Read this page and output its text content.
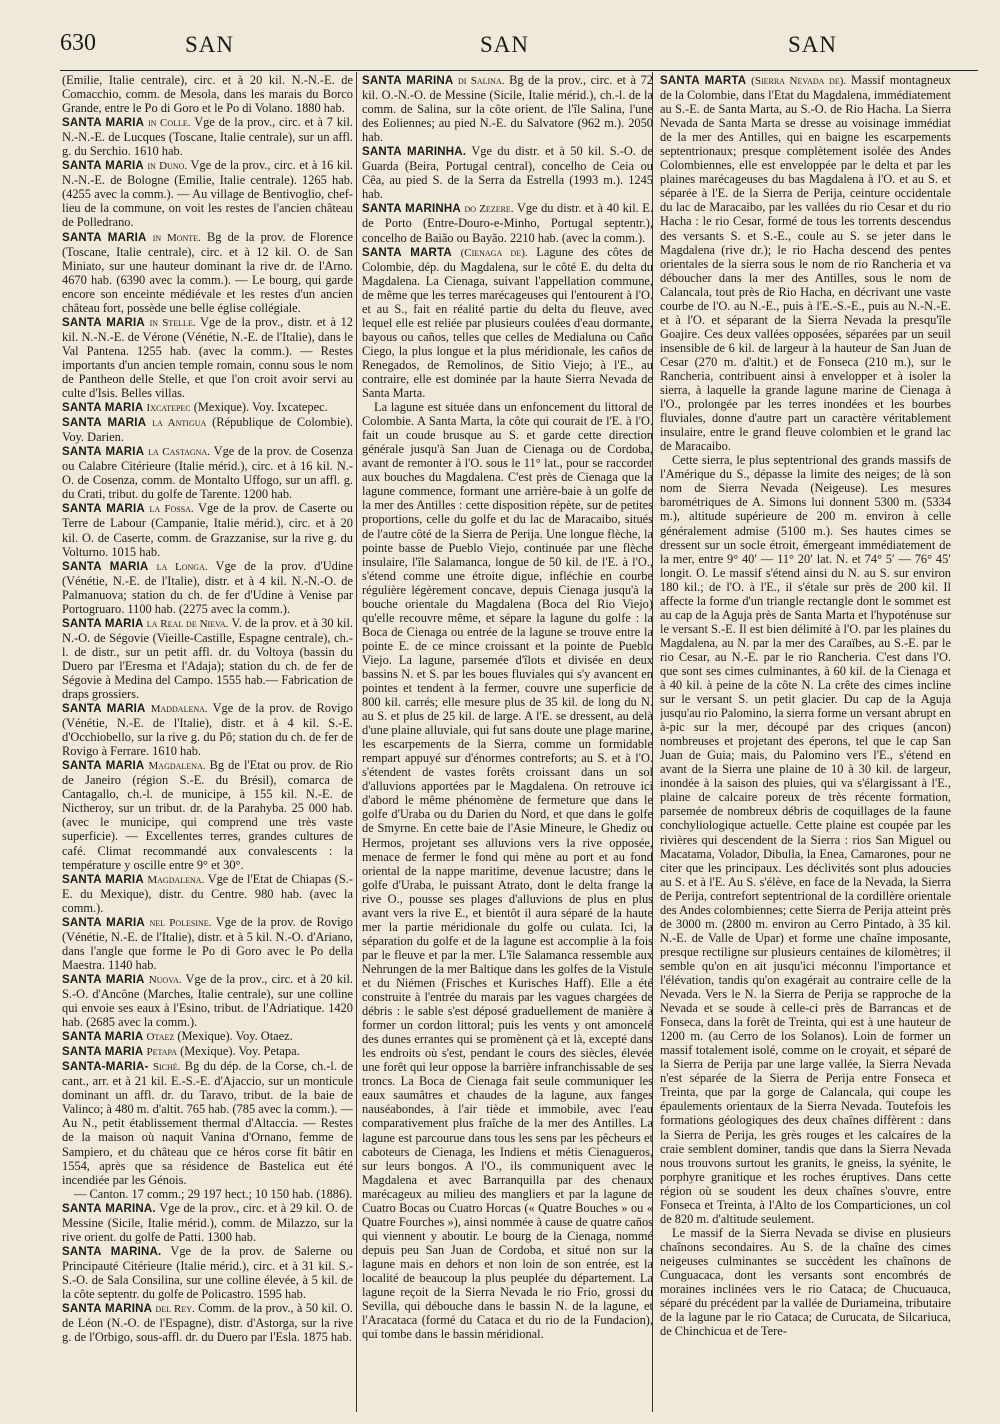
630	SAN	SAN	SAN

(Emilie, Italie centrale), circ. et à 20 kil. N.-N.-E. de Comacchio, comm. de Mesola, dans les marais du Borco Grande, entre le Po di Goro et le Po di Volano. 1880 hab.

SANTA MARIA in Colle. Vge de la prov., circ. et à 7 kil. N.-N.-E. de Lucques (Toscane, Italie centrale), sur un affl. g. du Serchio. 1610 hab.

SANTA MARIA in Duno. Vge de la prov., circ. et à 16 kil. N.-N.-E. de Bologne (Emilie, Italie centrale). 1265 hab. (4255 avec la comm.). — Au village de Bentivoglio, chef-lieu de la commune, on voit les restes de l'ancien château de Polledrano.

SANTA MARIA in Monte. Bg de la prov. de Florence (Toscane, Italie centrale), circ. et à 12 kil. O. de San Miniato, sur une hauteur dominant la rive dr. de l'Arno. 4670 hab. (6390 avec la comm.). — Le bourg, qui garde encore son enceinte médiévale et les restes d'un ancien château fort, possède une belle église collégiale.

SANTA MARIA in Stelle. Vge de la prov., distr. et à 12 kil. N.-N.-E. de Vérone (Vénétie, N.-E. de l'Italie), dans le Val Pantena. 1255 hab. (avec la comm.). — Restes importants d'un ancien temple romain, connu sous le nom de Pantheon delle Stelle, et que l'on croit avoir servi au culte d'Isis. Belles villas.

SANTA MARIA Ixcatepec (Mexique). Voy. Ixcatepec.

SANTA MARIA la Antigua (République de Colombie). Voy. Darien.

SANTA MARIA la Castagna. Vge de la prov. de Cosenza ou Calabre Citérieure (Italie mérid.), circ. et à 16 kil. N.-O. de Cosenza, comm. de Montalto Uffogo, sur un affl. g. du Crati, tribut. du golfe de Tarente. 1200 hab.

SANTA MARIA la Fossa. Vge de la prov. de Caserte ou Terre de Labour (Campanie, Italie mérid.), circ. et à 20 kil. O. de Caserte, comm. de Grazzanise, sur la rive g. du Volturno. 1015 hab.

SANTA MARIA la Longa. Vge de la prov. d'Udine (Vénétie, N.-E. de l'Italie), distr. et à 4 kil. N.-N.-O. de Palmanuova; station du ch. de fer d'Udine à Venise par Portogruaro. 1100 hab. (2275 avec la comm.).

SANTA MARIA la Real de Nieva. V. de la prov. et à 30 kil. N.-O. de Ségovie (Vieille-Castille, Espagne centrale), ch.-l. de distr., sur un petit affl. dr. du Voltoya (bassin du Duero par l'Eresma et l'Adaja); station du ch. de fer de Ségovie à Medina del Campo. 1555 hab.— Fabrication de draps grossiers.

SANTA MARIA Maddalena. Vge de la prov. de Rovigo (Vénétie, N.-E. de l'Italie), distr. et à 4 kil. S.-E. d'Occhiobello, sur la rive g. du Pô; station du ch. de fer de Rovigo à Ferrare. 1610 hab.

SANTA MARIA Magdalena. Bg de l'Etat ou prov. de Rio de Janeiro (région S.-E. du Brésil), comarca de Cantagallo, ch.-l. de municipe, à 155 kil. N.-E. de Nictheroy, sur un tribut. dr. de la Parahyba. 25 000 hab. (avec le municipe, qui comprend une très vaste superficie). — Excellentes terres, grandes cultures de café. Climat recommandé aux convalescents : la température y oscille entre 9° et 30°.

SANTA MARIA Magdalena. Vge de l'Etat de Chiapas (S.-E. du Mexique), distr. du Centre. 980 hab. (avec la comm.).

SANTA MARIA nel Polesine. Vge de la prov. de Rovigo (Vénétie, N.-E. de l'Italie), distr. et à 5 kil. N.-O. d'Ariano, dans l'angle que forme le Po di Goro avec le Po della Maestra. 1140 hab.

SANTA MARIA Nuova. Vge de la prov., circ. et à 20 kil. S.-O. d'Ancône (Marches, Italie centrale), sur une colline qui envoie ses eaux à l'Esino, tribut. de l'Adriatique. 1420 hab. (2685 avec la comm.).

SANTA MARIA Otaez (Mexique). Voy. Otaez.

SANTA MARIA Petapa (Mexique). Voy. Petapa.

SANTA-MARIA- Siché. Bg du dép. de la Corse, ch.-l. de cant., arr. et à 21 kil. E.-S.-E. d'Ajaccio, sur un monticule dominant un affl. dr. du Taravo, tribut. de la baie de Valinco; à 480 m. d'altit. 765 hab. (785 avec la comm.). — Au N., petit établissement thermal d'Altaccia. — Restes de la maison où naquit Vanina d'Ornano, femme de Sampiero, et du château que ce héros corse fit bâtir en 1554, après que sa résidence de Bastelica eut été incendiée par les Génois.

— Canton. 17 comm.; 29 197 hect.; 10 150 hab. (1886).

SANTA MARINA. Vge de la prov., circ. et à 29 kil. O. de Messine (Sicile, Italie mérid.), comm. de Milazzo, sur la rive orient. du golfe de Patti. 1300 hab.

SANTA MARINA. Vge de la prov. de Salerne ou Principauté Citérieure (Italie mérid.), circ. et à 31 kil. S.-S.-O. de Sala Consilina, sur une colline élevée, à 5 kil. de la côte septentr. du golfe de Policastro. 1595 hab.

SANTA MARINA del Rey. Comm. de la prov., à 50 kil. O. de Léon (N.-O. de l'Espagne), distr. d'Astorga, sur la rive g. de l'Orbigo, sous-affl. dr. du Duero par l'Esla. 1875 hab.

SANTA MARINA di Salina. Bg de la prov., circ. et à 72 kil. O.-N.-O. de Messine (Sicile, Italie mérid.), ch.-l. de la comm. de Salina, sur la côte orient. de l'île Salina, l'une des Eoliennes; au pied N.-E. du Salvatore (962 m.). 2050 hab.

SANTA MARINHA. Vge du distr. et à 50 kil. S.-O. de Guarda (Beira, Portugal central), concelho de Ceia ou Cêa, au pied S. de la Serra da Estrella (1993 m.). 1245 hab.

SANTA MARINHA do Zezere. Vge du distr. et à 40 kil. E. de Porto (Entre-Douro-e-Minho, Portugal septentr.), concelho de Baião ou Bayão. 2210 hab. (avec la comm.).

SANTA MARTA (Cienaga de). Lagune des côtes de Colombie, dép. du Magdalena, sur le côté E. du delta du Magdalena. La Cienaga, suivant l'appellation commune, de même que les terres marécageuses qui l'entourent à l'O. et au S., fait en réalité partie du delta du fleuve, avec lequel elle est reliée par plusieurs coulées d'eau dormante, bayous ou caños, telles que celles de Medialuna ou Caño Ciego, la plus longue et la plus méridionale, les caños de Renegados, de Remolinos, de Sitio Viejo; à l'E., au contraire, elle est dominée par la haute Sierra Nevada de Santa Marta.

La lagune est située dans un enfoncement du littoral de Colombie. A Santa Marta, la côte qui courait de l'E. à l'O. fait un coude brusque au S. et garde cette direction générale jusqu'à San Juan de Cienaga ou de Cordoba, avant de remonter à l'O. sous le 11° lat., pour se raccorder aux bouches du Magdalena. C'est près de Cienaga que la lagune commence, formant une arrière-baie à un golfe de la mer des Antilles : cette disposition répète, sur de petites proportions, celle du golfe et du lac de Maracaibo, situés de l'autre côté de la Sierra de Perija. Une longue flèche, la pointe basse de Pueblo Viejo, continuée par une flèche insulaire, l'île Salamanca, longue de 50 kil. de l'E. à l'O., s'étend comme une étroite digue, infléchie en courbe régulière légèrement concave, depuis Cienaga jusqu'à la bouche orientale du Magdalena (Boca del Rio Viejo) qu'elle recouvre même, et sépare la lagune du golfe : la Boca de Cienaga ou entrée de la lagune se trouve entre la pointe E. de ce mince croissant et la pointe de Pueblo Viejo. La lagune, parsemée d'îlots et divisée en deux bassins N. et S. par les boues fluviales qui s'y avancent en pointes et tendent à la fermer, couvre une superficie de 800 kil. carrés; elle mesure plus de 35 kil. de long du N. au S. et plus de 25 kil. de large. A l'E. se dressent, au delà d'une plaine alluviale, qui fut sans doute une plage marine, les escarpements de la Sierra, comme un formidable rempart appuyé sur d'énormes contreforts; au S. et à l'O. s'étendent de vastes forêts croissant dans un sol d'alluvions apportées par le Magdalena. On retrouve ici d'abord le même phénomène de fermeture que dans le golfe d'Uraba ou du Darien du Nord, et que dans le golfe de Smyrne. En cette baie de l'Asie Mineure, le Ghediz ou Hermos, projetant ses alluvions vers la rive opposée, menace de fermer le fond qui mène au port et au fond oriental de la nappe maritime, devenue lacustre; dans le golfe d'Uraba, le puissant Atrato, dont le delta frange la rive O., pousse ses plages d'alluvions de plus en plus avant vers la rive E., et bientôt il aura séparé de la haute mer la partie méridionale du golfe ou culata. Ici, la séparation du golfe et de la lagune est accomplie à la fois par le fleuve et par la mer. L'île Salamanca ressemble aux Nehrungen de la mer Baltique dans les golfes de la Vistule et du Niémen (Frisches et Kurisches Haff). Elle a été construite à l'entrée du marais par les vagues chargées de débris : le sable s'est déposé graduellement de manière à former un cordon littoral; puis les vents y ont amoncelé des dunes errantes qui se promènent çà et là, excepté dans les endroits où s'est, pendant le cours des siècles, élevée une forêt qui leur oppose la barrière infranchissable de ses troncs. La Boca de Cienaga fait seule communiquer les eaux saumâtres et chaudes de la lagune, aux fanges nauséabondes, à l'air tiède et immobile, avec l'eau comparativement plus fraîche de la mer des Antilles. La lagune est parcourue dans tous les sens par les pêcheurs et caboteurs de Cienaga, les Indiens et métis Cienagueros, sur leurs bongos. A l'O., ils communiquent avec le Magdalena et avec Barranquilla par des chenaux marécageux au milieu des mangliers et par la lagune de Cuatro Bocas ou Cuatro Horcas (« Quatre Bouches » ou « Quatre Fourches »), ainsi nommée à cause de quatre caños qui viennent y aboutir. Le bourg de la Cienaga, nommé depuis peu San Juan de Cordoba, et situé non sur la lagune mais en dehors et non loin de son entrée, est la localité de beaucoup la plus peuplée du département. La lagune reçoit de la Sierra Nevada le rio Frio, grossi du Sevilla, qui débouche dans le bassin N. de la lagune, et l'Aracataca (formé du Cataca et du rio de la Fundacion), qui tombe dans le bassin méridional.

SANTA MARTA (Sierra Nevada de). Massif montagneux de la Colombie, dans l'Etat du Magdalena, immédiatement au S.-E. de Santa Marta, au S.-O. de Rio Hacha. La Sierra Nevada de Santa Marta se dresse au voisinage immédiat de la mer des Antilles, qui en baigne les escarpements septentrionaux; presque complètement isolée des Andes Colombiennes, elle est enveloppée par le delta et par les plaines marécageuses du bas Magdalena à l'O. et au S. et séparée à l'E. de la Sierra de Perija, ceinture occidentale du lac de Maracaibo, par les vallées du rio Cesar et du rio Hacha : le rio Cesar, formé de tous les torrents descendus des versants S. et S.-E., coule au S. se jeter dans le Magdalena (rive dr.); le rio Hacha descend des pentes orientales de la sierra sous le nom de rio Rancheria et va déboucher dans la mer des Antilles, sous le nom de Calancala, tout près de Rio Hacha, en décrivant une vaste courbe de l'O. au N.-E., puis à l'E.-S.-E., puis au N.-N.-E. et à l'O. et séparant de la Sierra Nevada la presqu'île Goajire. Ces deux vallées opposées, séparées par un seuil insensible de 6 kil. de largeur à la hauteur de San Juan de Cesar (270 m. d'altit.) et de Fonseca (210 m.), sur le Rancheria, contribuent ainsi à envelopper et à isoler la sierra, à laquelle la grande lagune marine de Cienaga à l'O., prolongée par les terres inondées et les bourbes fluviales, donne d'autre part un caractère véritablement insulaire, entre le grand fleuve colombien et le grand lac de Maracaibo.

Cette sierra, le plus septentrional des grands massifs de l'Amérique du S., dépasse la limite des neiges; de là son nom de Sierra Nevada (Neigeuse). Les mesures barométriques de A. Simons lui donnent 5300 m. (5334 m.), altitude supérieure de 200 m. environ à celle généralement admise (5100 m.). Ses hautes cimes se dressent sur un socle étroit, émergeant immédiatement de la mer, entre 9° 40′ — 11° 20′ lat. N. et 74° 5′ — 76° 45′ longit. O. Le massif s'étend ainsi du N. au S. sur environ 180 kil.; de l'O. à l'E., il s'étale sur près de 200 kil. Il affecte la forme d'un triangle rectangle dont le sommet est au cap de la Aguja près de Santa Marta et l'hypoténuse sur le versant S.-E. Il est bien délimité à l'O. par les plaines du Magdalena, au N. par la mer des Caraïbes, au S.-E. par le rio Cesar, au N.-E. par le rio Rancheria. C'est dans l'O. que sont ses cimes culminantes, à 60 kil. de la Cienaga et à 40 kil. à peine de la côte N. La crête des cimes incline sur le versant S. un petit glacier. Du cap de la Aguja jusqu'au rio Palomino, la sierra forme un versant abrupt en à-pic sur la mer, découpé par des criques (ancon) nombreuses et projetant des éperons, tel que le cap San Juan de Guia; mais, du Palomino vers l'E., s'étend en avant de la Sierra une plaine de 10 à 30 kil. de largeur, inondée à la saison des pluies, qui va s'élargissant à l'E., plaine de calcaire poreux de très récente formation, parsemée de nombreux débris de coquillages de la faune conchyliologique actuelle. Cette plaine est coupée par les rivières qui descendent de la Sierra : rios San Miguel ou Macatama, Volador, Dibulla, la Enea, Camarones, pour ne citer que les principaux. Les déclivités sont plus adoucies au S. et à l'E. Au S. s'élève, en face de la Nevada, la Sierra de Perija, contrefort septentrional de la cordillère orientale des Andes colombiennes; cette Sierra de Perija atteint près de 3000 m. (2800 m. environ au Cerro Pintado, à 35 kil. N.-E. de Valle de Upar) et forme une chaîne imposante, presque rectiligne sur plusieurs centaines de kilomètres; il semble qu'on en ait jusqu'ici méconnu l'importance et l'élévation, tandis qu'on exagérait au contraire celle de la Nevada. Vers le N. la Sierra de Perija se rapproche de la Nevada et se soude à celle-ci près de Barrancas et de Fonseca, dans la forêt de Treinta, qui est à une hauteur de 1200 m. (au Cerro de los Solanos). Loin de former un massif totalement isolé, comme on le croyait, et séparé de la Sierra de Perija par une large vallée, la Sierra Nevada n'est séparée de la Sierra de Perija entre Fonseca et Treinta, que par la gorge de Calancala, qui coupe les épaulements orientaux de la Sierra Nevada. Toutefois les formations géologiques des deux chaînes diffèrent : dans la Sierra de Perija, les grès rouges et les calcaires de la craie semblent dominer, tandis que dans la Sierra Nevada nous trouvons surtout les granits, le gneiss, la syénite, le porphyre granitique et les roches éruptives. Dans cette région où se soudent les deux chaînes s'ouvre, entre Fonseca et Treinta, à l'Alto de los Comparticiones, un col de 820 m. d'altitude seulement.

Le massif de la Sierra Nevada se divise en plusieurs chaînons secondaires. Au S. de la chaîne des cimes neigeuses culminantes se succèdent les chaînons de Cunguacaca, dont les versants sont encombrés de moraines inclinées vers le rio Cataca; de Chucuauca, séparé du précédent par la vallée de Duriameina, tributaire de la lagune par le rio Cataca; de Curucata, de Silcariuca, de Chinchicua et de Tere-
